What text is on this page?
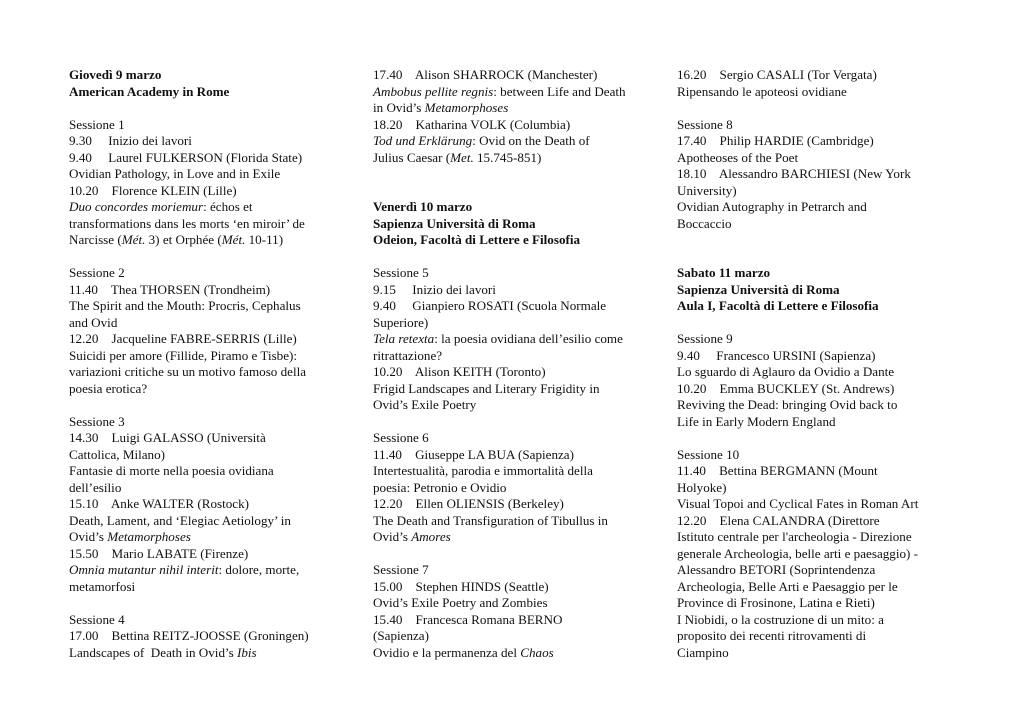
Giovedì 9 marzo
American Academy in Rome
Sessione 1
9.30     Inizio dei lavori
9.40     Laurel FULKERSON (Florida State)
Ovidian Pathology, in Love and in Exile
10.20    Florence KLEIN (Lille)
Duo concordes moriemur: échos et
transformations dans les morts ‘en miroir’ de
Narcisse (Mét. 3) et Orphée (Mét. 10-11)
Sessione 2
11.40    Thea THORSEN (Trondheim)
The Spirit and the Mouth: Procris, Cephalus
and Ovid
12.20    Jacqueline FABRE-SERRIS (Lille)
Suicidi per amore (Fillide, Piramo e Tisbe):
variazioni critiche su un motivo famoso della
poesia erotica?
Sessione 3
14.30    Luigi GALASSO (Università
Cattolica, Milano)
Fantasie di morte nella poesia ovidiana
dell’esilio
15.10    Anke WALTER (Rostock)
Death, Lament, and ‘Elegiac Aetiology’ in
Ovid’s Metamorphoses
15.50    Mario LABATE (Firenze)
Omnia mutantur nihil interit: dolore, morte,
metamorfosi
Sessione 4
17.00    Bettina REITZ-JOOSSE (Groningen)
Landscapes of  Death in Ovid’s Ibis
17.40    Alison SHARROCK (Manchester)
Ambobus pellite regnis: between Life and Death
in Ovid’s Metamorphoses
18.20    Katharina VOLK (Columbia)
Tod und Erklärung: Ovid on the Death of
Julius Caesar (Met. 15.745-851)
Venerdì 10 marzo
Sapienza Università di Roma
Odeion, Facoltà di Lettere e Filosofia
Sessione 5
9.15     Inizio dei lavori
9.40     Gianpiero ROSATI (Scuola Normale
Superiore)
Tela retexta: la poesia ovidiana dell’esilio come
ritrattazione?
10.20    Alison KEITH (Toronto)
Frigid Landscapes and Literary Frigidity in
Ovid’s Exile Poetry
Sessione 6
11.40    Giuseppe LA BUA (Sapienza)
Intertestualità, parodia e immortalità della
poesia: Petronio e Ovidio
12.20    Ellen OLIENSIS (Berkeley)
The Death and Transfiguration of Tibullus in
Ovid’s Amores
Sessione 7
15.00    Stephen HINDS (Seattle)
Ovid’s Exile Poetry and Zombies
15.40    Francesca Romana BERNO
(Sapienza)
Ovidio e la permanenza del Chaos
16.20    Sergio CASALI (Tor Vergata)
Ripensando le apoteosi ovidiane
Sessione 8
17.40    Philip HARDIE (Cambridge)
Apotheoses of the Poet
18.10    Alessandro BARCHIESI (New York
University)
Ovidian Autography in Petrarch and
Boccaccio
Sabato 11 marzo
Sapienza Università di Roma
Aula I, Facoltà di Lettere e Filosofia
Sessione 9
9.40     Francesco URSINI (Sapienza)
Lo sguardo di Aglauro da Ovidio a Dante
10.20    Emma BUCKLEY (St. Andrews)
Reviving the Dead: bringing Ovid back to
Life in Early Modern England
Sessione 10
11.40    Bettina BERGMANN (Mount
Holyoke)
Visual Topoi and Cyclical Fates in Roman Art
12.20    Elena CALANDRA (Direttore
Istituto centrale per l'archeologia - Direzione
generale Archeologia, belle arti e paesaggio) -
Alessandro BETORI (Soprintendenza
Archeologia, Belle Arti e Paesaggio per le
Province di Frosinone, Latina e Rieti)
I Niobidi, o la costruzione di un mito: a
proposito dei recenti ritrovamenti di
Ciampino
